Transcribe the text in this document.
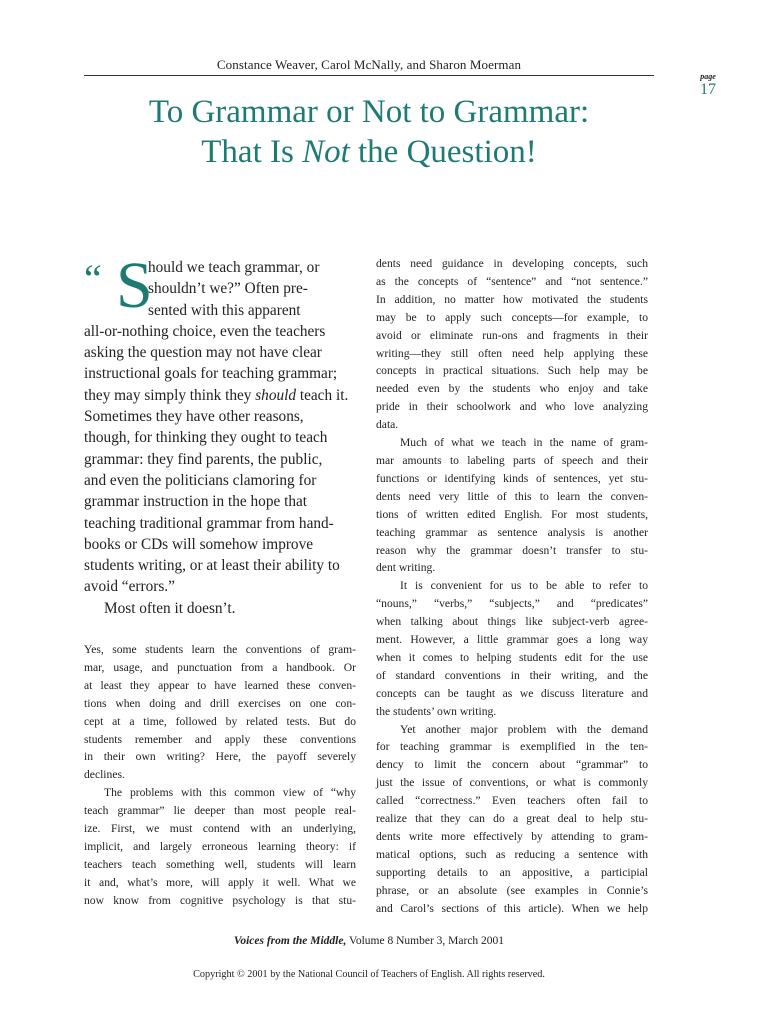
Constance Weaver, Carol McNally, and Sharon Moerman
page
17
To Grammar or Not to Grammar:
That Is Not the Question!
“ S
hould we teach grammar, or
shouldn’t we?” Often pre-
sented with this apparent
all-or-nothing choice, even the teachers
asking the question may not have clear
instructional goals for teaching grammar;
they may simply think they should teach it.
Sometimes they have other reasons,
though, for thinking they ought to teach
grammar: they find parents, the public,
and even the politicians clamoring for
grammar instruction in the hope that
teaching traditional grammar from hand-
books or CDs will somehow improve
students writing, or at least their ability to
avoid “errors.”
Most often it doesn’t.
Yes, some students learn the conventions of gram-
mar, usage, and punctuation from a handbook. Or
at least they appear to have learned these conven-
tions when doing and drill exercises on one con-
cept at a time, followed by related tests. But do
students remember and apply these conventions
in their own writing? Here, the payoff severely
declines.
The problems with this common view of “why
teach grammar” lie deeper than most people real-
ize. First, we must contend with an underlying,
implicit, and largely erroneous learning theory: if
teachers teach something well, students will learn
it and, what’s more, will apply it well. What we
now know from cognitive psychology is that stu-
dents need guidance in developing concepts, such
as the concepts of “sentence” and “not sentence.”
In addition, no matter how motivated the students
may be to apply such concepts—for example, to
avoid or eliminate run-ons and fragments in their
writing—they still often need help applying these
concepts in practical situations. Such help may be
needed even by the students who enjoy and take
pride in their schoolwork and who love analyzing
data.
Much of what we teach in the name of gram-
mar amounts to labeling parts of speech and their
functions or identifying kinds of sentences, yet stu-
dents need very little of this to learn the conven-
tions of written edited English. For most students,
teaching grammar as sentence analysis is another
reason why the grammar doesn’t transfer to stu-
dent writing.
It is convenient for us to be able to refer to
“nouns,” “verbs,” “subjects,” and “predicates”
when talking about things like subject-verb agree-
ment. However, a little grammar goes a long way
when it comes to helping students edit for the use
of standard conventions in their writing, and the
concepts can be taught as we discuss literature and
the students’ own writing.
Yet another major problem with the demand
for teaching grammar is exemplified in the ten-
dency to limit the concern about “grammar” to
just the issue of conventions, or what is commonly
called “correctness.” Even teachers often fail to
realize that they can do a great deal to help stu-
dents write more effectively by attending to gram-
matical options, such as reducing a sentence with
supporting details to an appositive, a participial
phrase, or an absolute (see examples in Connie’s
and Carol’s sections of this article). When we help
Voices from the Middle, Volume 8 Number 3, March 2001
Copyright © 2001 by the National Council of Teachers of English. All rights reserved.
